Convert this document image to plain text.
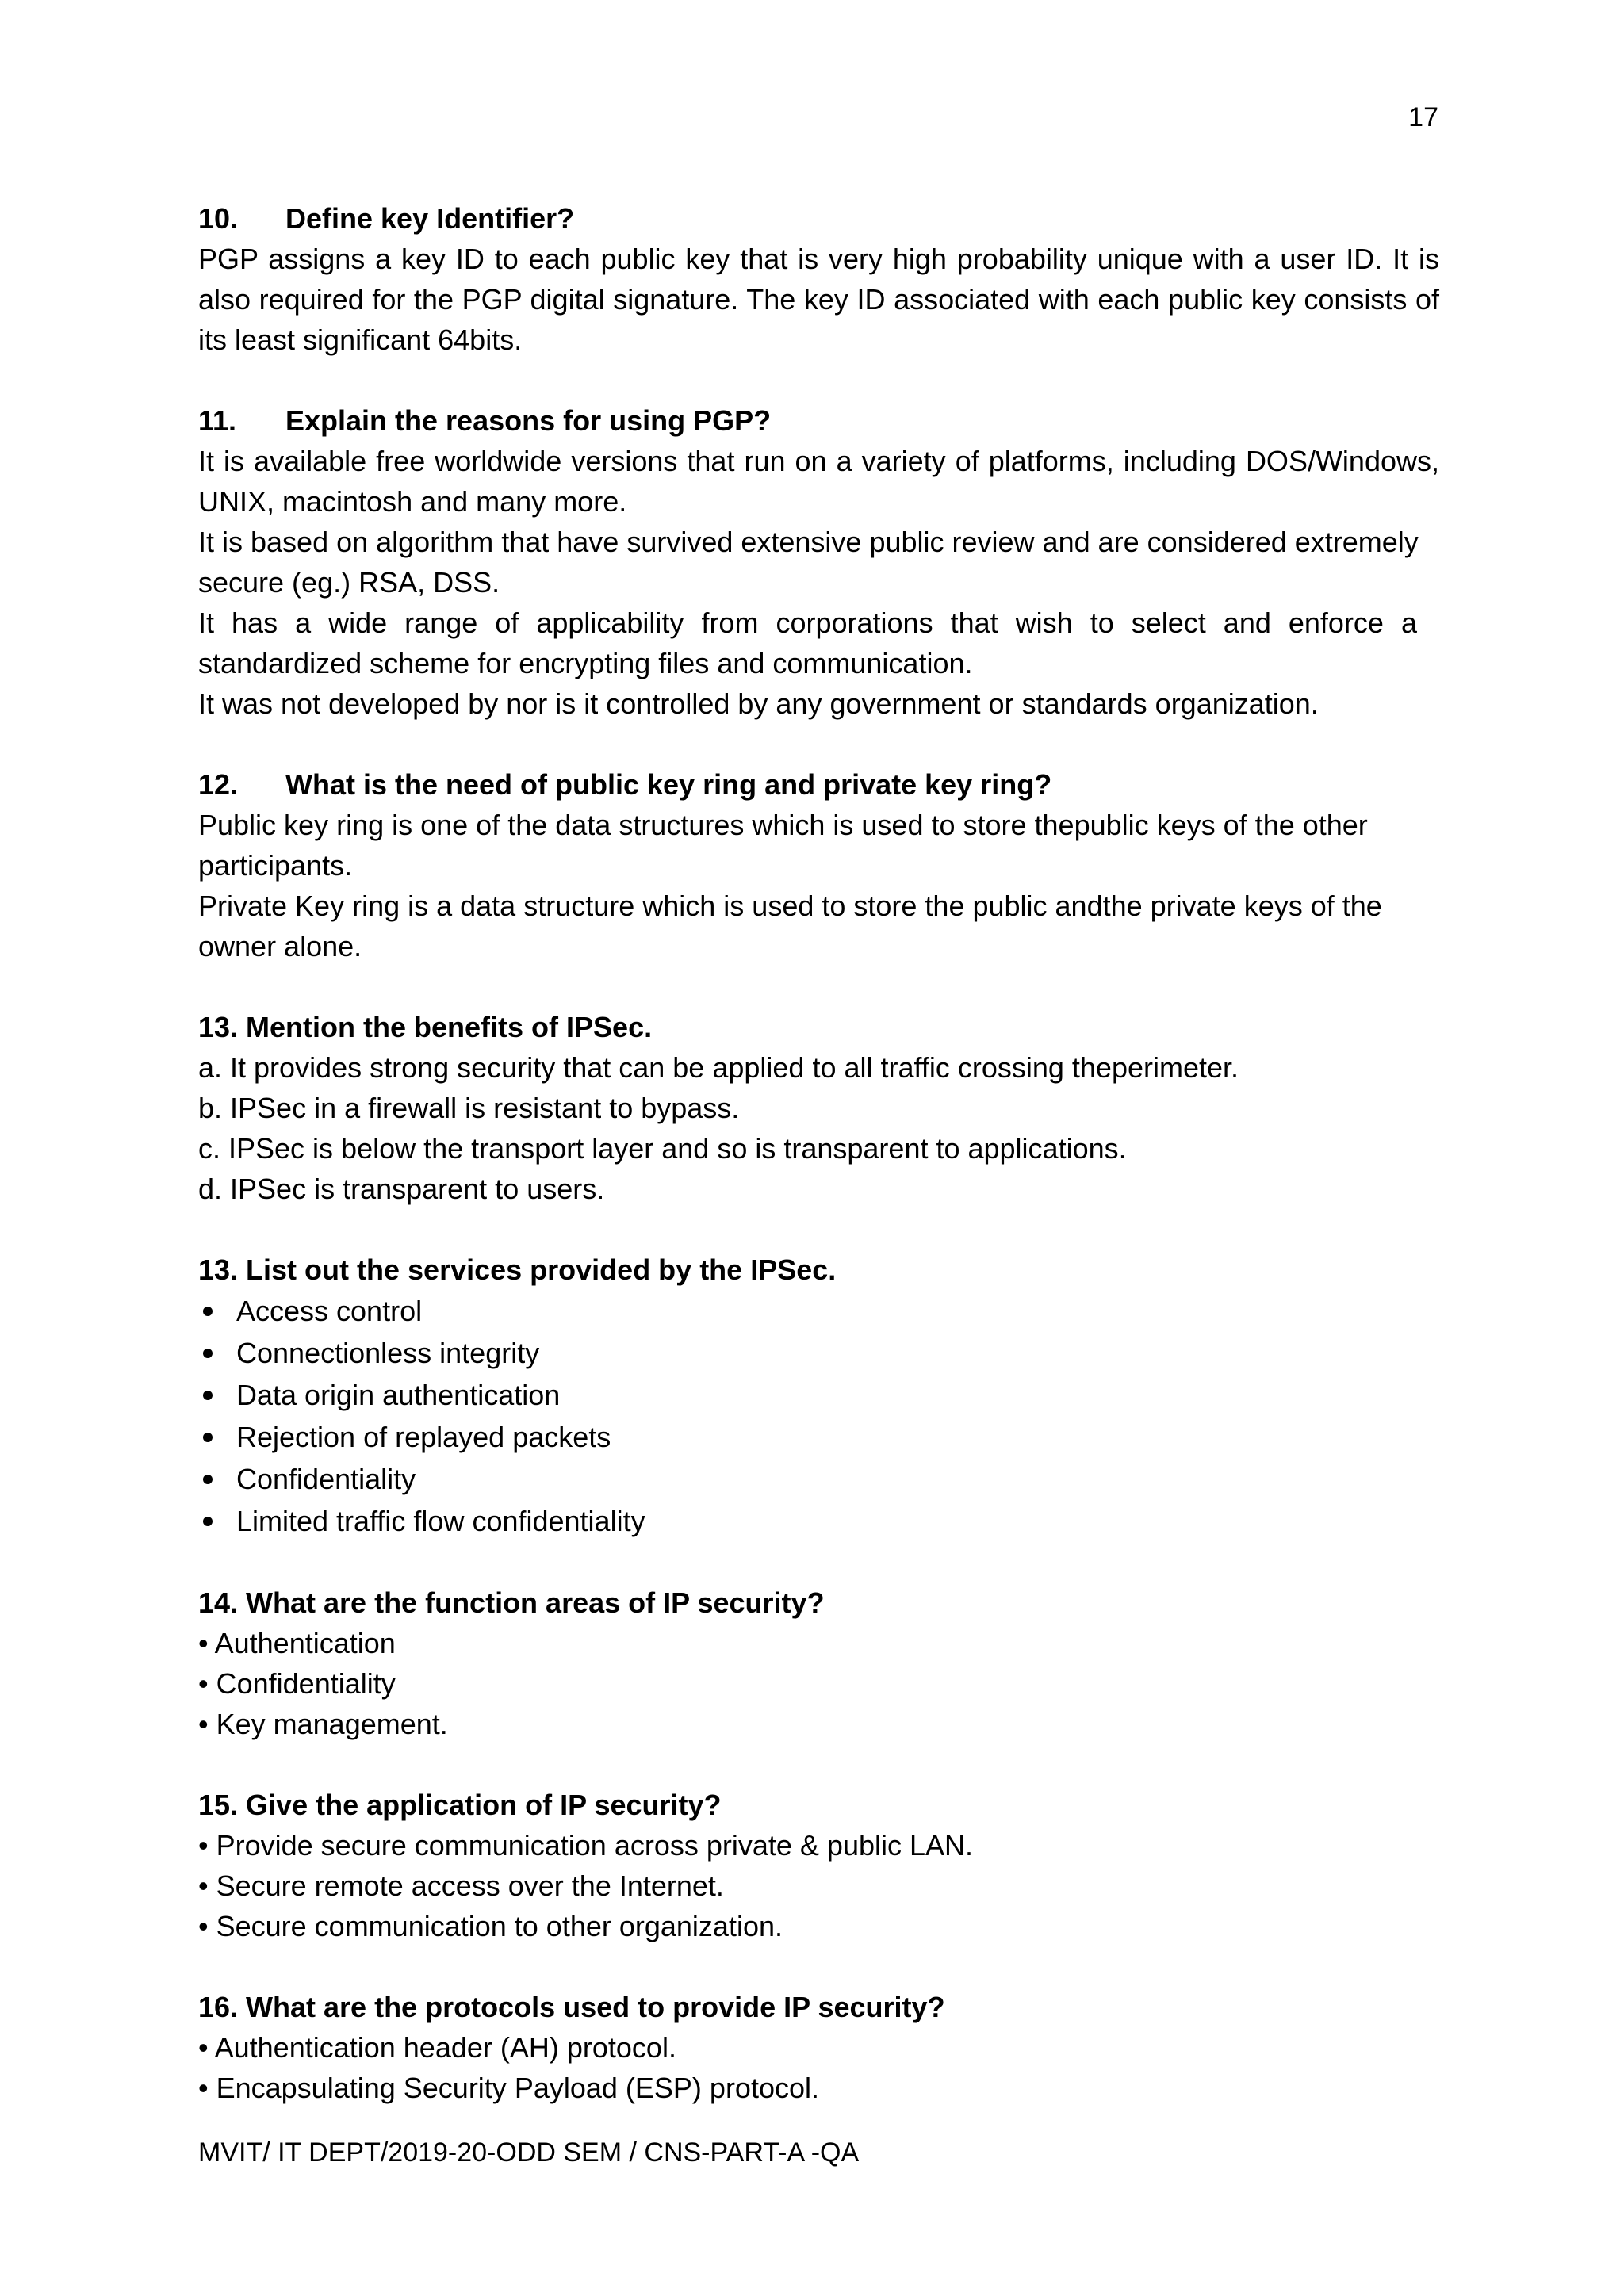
17

10. Define key Identifier?

PGP assigns a key ID to each public key that is very high probability unique with a user ID. It is also required for the PGP digital signature. The key ID associated with each public key consists of its least significant 64bits.

11. Explain the reasons for using PGP?

It is available free worldwide versions that run on a variety of platforms, including DOS/Windows, UNIX, macintosh and many more.

It is based on algorithm that have survived extensive public review and are considered extremely secure (eg.) RSA, DSS.

It has a wide range of applicability from corporations that wish to select and enforce a standardized scheme for encrypting files and communication.

It was not developed by nor is it controlled by any government or standards organization.

12. What is the need of public key ring and private key ring?

Public key ring is one of the data structures which is used to store thepublic keys of the other participants.

Private Key ring is a data structure which is used to store the public andthe private keys of the owner alone.

13. Mention the benefits of IPSec.

a. It provides strong security that can be applied to all traffic crossing theperimeter.

b. IPSec in a firewall is resistant to bypass.

c. IPSec is below the transport layer and so is transparent to applications.

d. IPSec is transparent to users.

13. List out the services provided by the IPSec.

Access control
Connectionless integrity
Data origin authentication
Rejection of replayed packets
Confidentiality
Limited traffic flow confidentiality

14. What are the function areas of IP security?

• Authentication

• Confidentiality

• Key management.

15. Give the application of IP security?

• Provide secure communication across private & public LAN.

• Secure remote access over the Internet.

• Secure communication to other organization.

16. What are the protocols used to provide IP security?

• Authentication header (AH) protocol.

• Encapsulating Security Payload (ESP) protocol.

MVIT/ IT DEPT/2019-20-ODD SEM / CNS-PART-A -QA
